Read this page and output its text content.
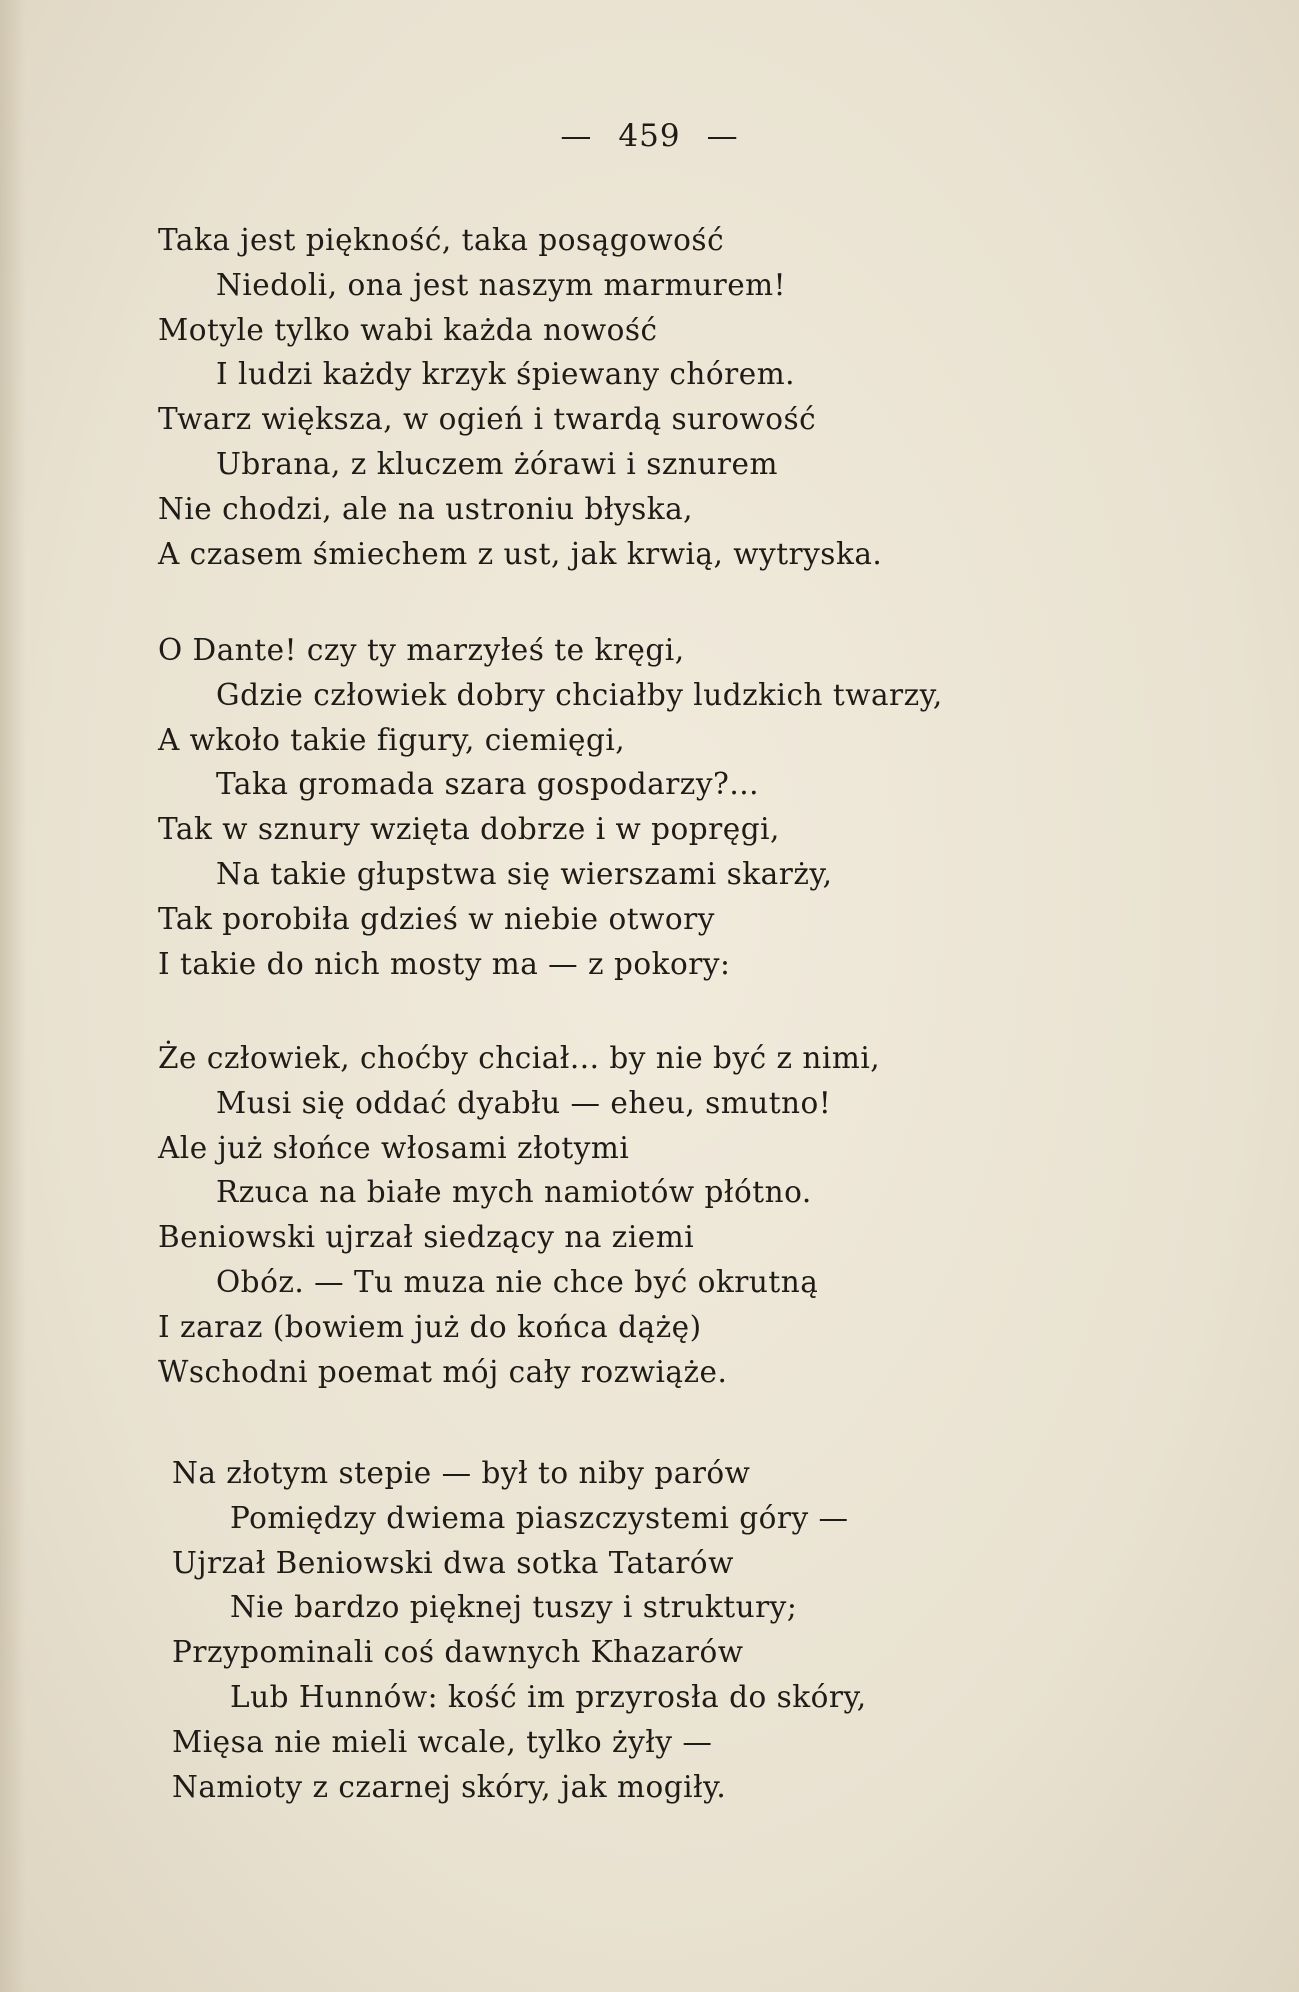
— 459 —
Taka jest piękność, taka posągowość
Niedoli, ona jest naszym marmurem!
Motyle tylko wabi każda nowość
I ludzi każdy krzyk śpiewany chórem.
Twarz większa, w ogień i twardą surowość
Ubrana, z kluczem żórawi i sznurem
Nie chodzi, ale na ustroniu błyska,
A czasem śmiechem z ust, jak krwią, wytryska.
O Dante! czy ty marzyłeś te kręgi,
Gdzie człowiek dobry chciałby ludzkich twarzy,
A wkoło takie figury, ciemięgi,
Taka gromada szara gospodarzy?...
Tak w sznury wzięta dobrze i w popręgi,
Na takie głupstwa się wierszami skarży,
Tak porobiła gdzieś w niebie otwory
I takie do nich mosty ma — z pokory:
Że człowiek, choćby chciał... by nie być z nimi,
Musi się oddać dyabłu — eheu, smutno!
Ale już słońce włosami złotymi
Rzuca na białe mych namiotów płótno.
Beniowski ujrzał siedzący na ziemi
Obóz. — Tu muza nie chce być okrutną
I zaraz (bowiem już do końca dążę)
Wschodni poemat mój cały rozwiąże.
Na złotym stepie — był to niby parów
Pomiędzy dwiema piaszczystemi góry —
Ujrzał Beniowski dwa sotka Tatarów
Nie bardzo pięknej tuszy i struktury;
Przypominali coś dawnych Khazarów
Lub Hunnów: kość im przyrosła do skóry,
Mięsa nie mieli wcale, tylko żyły —
Namioty z czarnej skóry, jak mogiły.
